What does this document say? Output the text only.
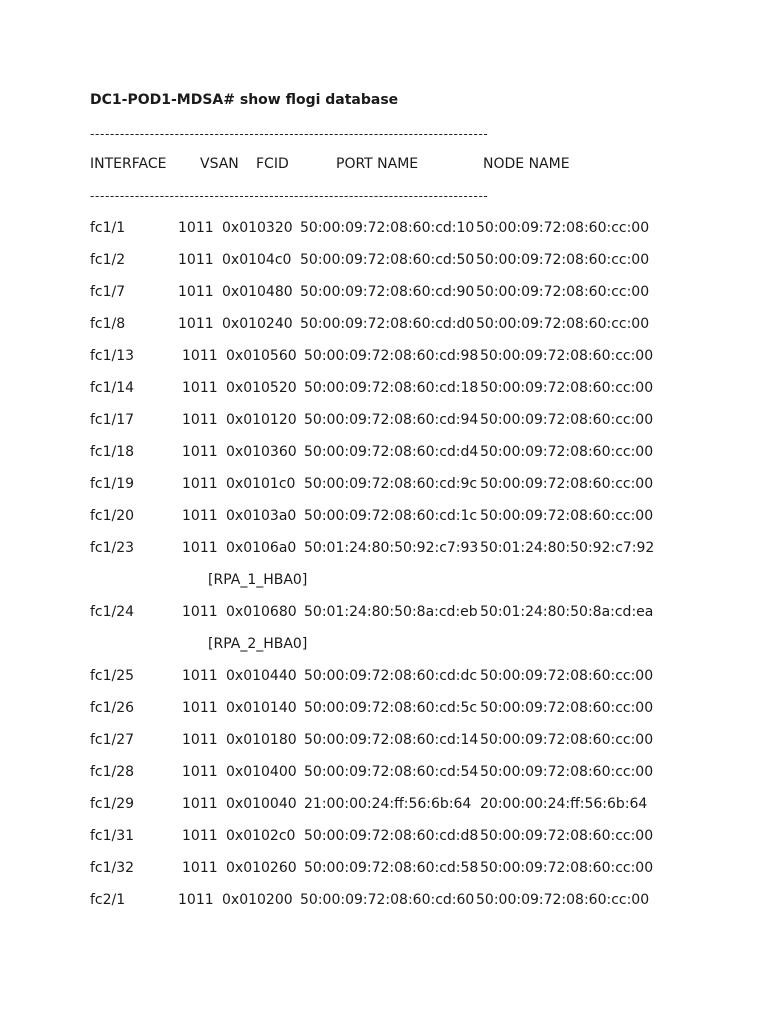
DC1-POD1-MDSA# show flogi database
--------------------------------------------------------------------------------
INTERFACE VSAN FCID	PORT NAME	NODE NAME
--------------------------------------------------------------------------------
fc1/1	1011 0x010320 50:00:09:72:08:60:cd:10 50:00:09:72:08:60:cc:00
fc1/2	1011 0x0104c0 50:00:09:72:08:60:cd:50 50:00:09:72:08:60:cc:00
fc1/7	1011 0x010480 50:00:09:72:08:60:cd:90 50:00:09:72:08:60:cc:00
fc1/8	1011 0x010240 50:00:09:72:08:60:cd:d0 50:00:09:72:08:60:cc:00
fc1/13	1011 0x010560 50:00:09:72:08:60:cd:98 50:00:09:72:08:60:cc:00
fc1/14	1011 0x010520 50:00:09:72:08:60:cd:18 50:00:09:72:08:60:cc:00
fc1/17	1011 0x010120 50:00:09:72:08:60:cd:94 50:00:09:72:08:60:cc:00
fc1/18	1011 0x010360 50:00:09:72:08:60:cd:d4 50:00:09:72:08:60:cc:00
fc1/19	1011 0x0101c0 50:00:09:72:08:60:cd:9c 50:00:09:72:08:60:cc:00
fc1/20	1011 0x0103a0 50:00:09:72:08:60:cd:1c 50:00:09:72:08:60:cc:00
fc1/23	1011 0x0106a0 50:01:24:80:50:92:c7:93 50:01:24:80:50:92:c7:92
[RPA_1_HBA0]
fc1/24	1011 0x010680 50:01:24:80:50:8a:cd:eb 50:01:24:80:50:8a:cd:ea
[RPA_2_HBA0]
fc1/25	1011 0x010440 50:00:09:72:08:60:cd:dc 50:00:09:72:08:60:cc:00
fc1/26	1011 0x010140 50:00:09:72:08:60:cd:5c 50:00:09:72:08:60:cc:00
fc1/27	1011 0x010180 50:00:09:72:08:60:cd:14 50:00:09:72:08:60:cc:00
fc1/28	1011 0x010400 50:00:09:72:08:60:cd:54 50:00:09:72:08:60:cc:00
fc1/29	1011 0x010040 21:00:00:24:ff:56:6b:64 20:00:00:24:ff:56:6b:64
fc1/31	1011 0x0102c0 50:00:09:72:08:60:cd:d8 50:00:09:72:08:60:cc:00
fc1/32	1011 0x010260 50:00:09:72:08:60:cd:58 50:00:09:72:08:60:cc:00
fc2/1	1011 0x010200 50:00:09:72:08:60:cd:60 50:00:09:72:08:60:cc:00
